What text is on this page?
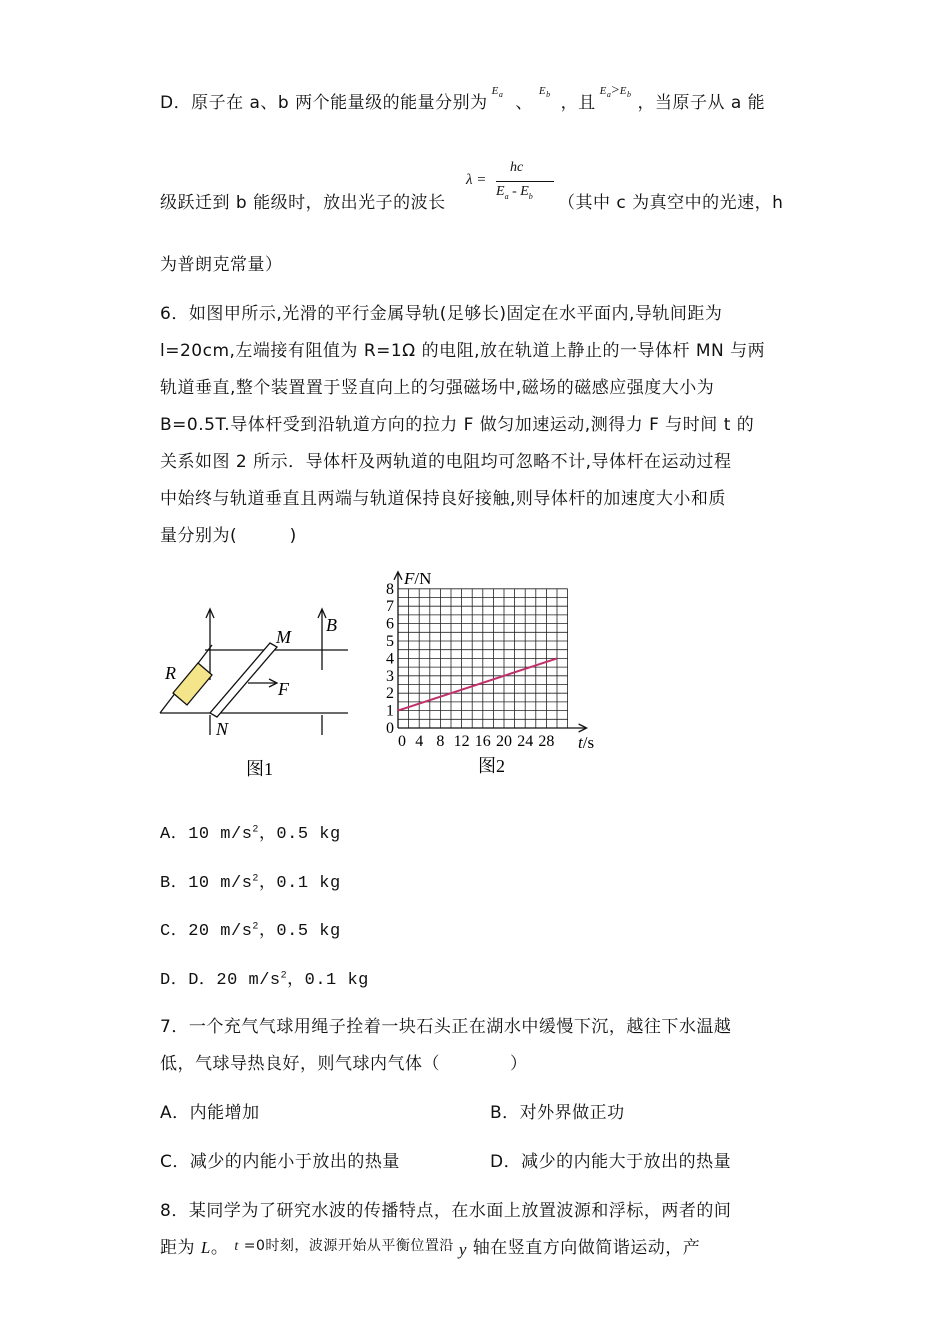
D．原子在 a、b 两个能量级的能量分别为$^{E_a}$ 、$^{E_b}$ ，且$^{E_a>E_b}$ ，当原子从 a 能
级跃迁到 b 能级时，放出光子的波长
λ =
hc
$E_a - E_b$ （其中 c 为真空中的光速，h
为普朗克常量）
6．如图甲所示,光滑的平行金属导轨(足够长)固定在水平面内,导轨间距为
l=20cm,左端接有阻值为 R=1Ω 的电阻,放在轨道上静止的一导体杆 MN 与两
轨道垂直,整个装置置于竖直向上的匀强磁场中,磁场的磁感应强度大小为
B=0.5T.导体杆受到沿轨道方向的拉力 F 做匀加速运动,测得力 F 与时间 t 的
关系如图 2 所示．导体杆及两轨道的电阻均可忽略不计,导体杆在运动过程
中始终与轨道垂直且两端与轨道保持良好接触,则导体杆的加速度大小和质
量分别为(　　　)
R
M
N
F
B
图1
0 4 8 12 16 20 24 28
1
2
3
4
5
6
7
8
0
F/N
t/s
图2
A．10 $m/s^2$，0.5 kg
B．10 $m/s^2$，0.1 kg
C．20 $m/s^2$，0.5 kg
D．D．20 $m/s^2$，0.1 kg
7．一个充气气球用绳子拴着一块石头正在湖水中缓慢下沉，越往下水温越
低，气球导热良好，则气球内气体（　　　　）
A．内能增加	B．对外界做正功
C．减少的内能小于放出的热量	D．减少的内能大于放出的热量
8．某同学为了研究水波的传播特点，在水面上放置波源和浮标，两者的间
距为 L。 t =0时刻，波源开始从平衡位置沿 y 轴在竖直方向做简谐运动，产
